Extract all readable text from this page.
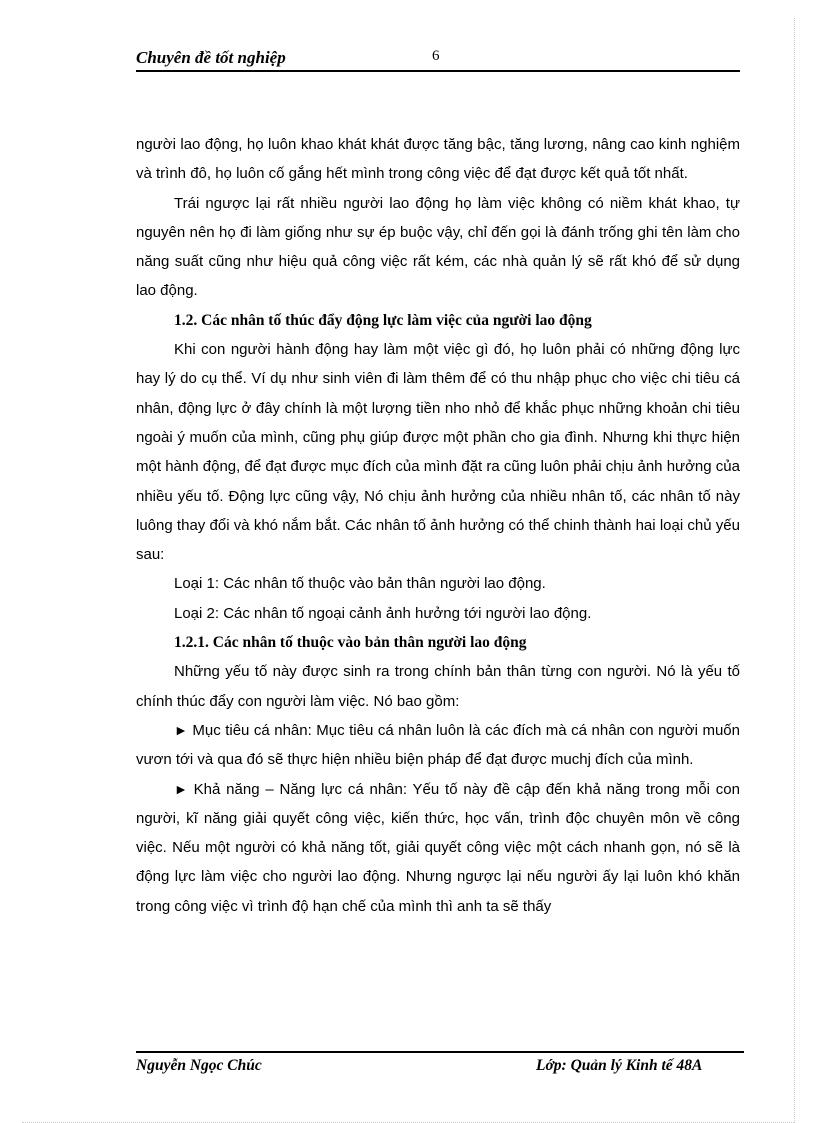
Chuyên đề tốt nghiệp	6

người lao động, họ luôn khao khát khát được tăng bậc, tăng lương, nâng cao kinh nghiệm và trình đô, họ luôn cố gắng hết mình trong công việc để đạt được kết quả tốt nhất.

Trái ngược lại rất nhiều người lao động họ làm việc không có niềm khát khao, tự nguyên nên họ đi làm giống như sự ép buộc vậy, chỉ đến gọi là đánh trống ghi tên làm cho năng suất cũng như hiệu quả công việc rất kém, các nhà quản lý sẽ rất khó để sử dụng lao động.

1.2. Các nhân tố thúc đẩy động lực làm việc của người lao động

Khi con người hành động hay làm một việc gì đó, họ luôn phải có những động lực hay lý do cụ thể. Ví dụ như sinh viên đi làm thêm để có thu nhập phục cho việc chi tiêu cá nhân, động lực ở đây chính là một lượng tiền nho nhỏ để khắc phục những khoản chi tiêu ngoài ý muốn của mình, cũng phụ giúp được một phần cho gia đình. Nhưng khi thực hiện một hành động, để đạt được mục đích của mình đặt ra cũng luôn phải chịu ảnh hưởng của nhiều yếu tố. Động lực cũng vậy, Nó chịu ảnh hưởng của nhiều nhân tố, các nhân tố này luông thay đổi và khó nắm bắt. Các nhân tố ảnh hưởng có thể chinh thành hai loại chủ yếu sau:

Loại 1: Các nhân tố thuộc vào bản thân người lao động.

Loại 2: Các nhân tố ngoại cảnh ảnh hưởng tới người lao động.

1.2.1. Các nhân tố thuộc vào bản thân người lao động

Những yếu tố này được sinh ra trong chính bản thân từng con người. Nó là yếu tố chính thúc đẩy con người làm việc. Nó bao gồm:

► Mục tiêu cá nhân: Mục tiêu cá nhân luôn là các đích mà cá nhân con người muốn vươn tới và qua đó sẽ thực hiện nhiều biện pháp để đạt được muchj đích của mình.

► Khả năng – Năng lực cá nhân: Yếu tố này đề cập đến khả năng trong mỗi con người, kĩ năng giải quyết công việc, kiến thức, học vấn, trình độc chuyên môn về công việc. Nếu một người có khả năng tốt, giải quyết công việc một cách nhanh gọn, nó sẽ là động lực làm việc cho người lao động. Nhưng ngược lại nếu người ấy lại luôn khó khăn trong công việc vì trình độ hạn chế của mình thì anh ta sẽ thấy

Nguyễn Ngọc Chúc	Lớp: Quản lý Kinh tế 48A
